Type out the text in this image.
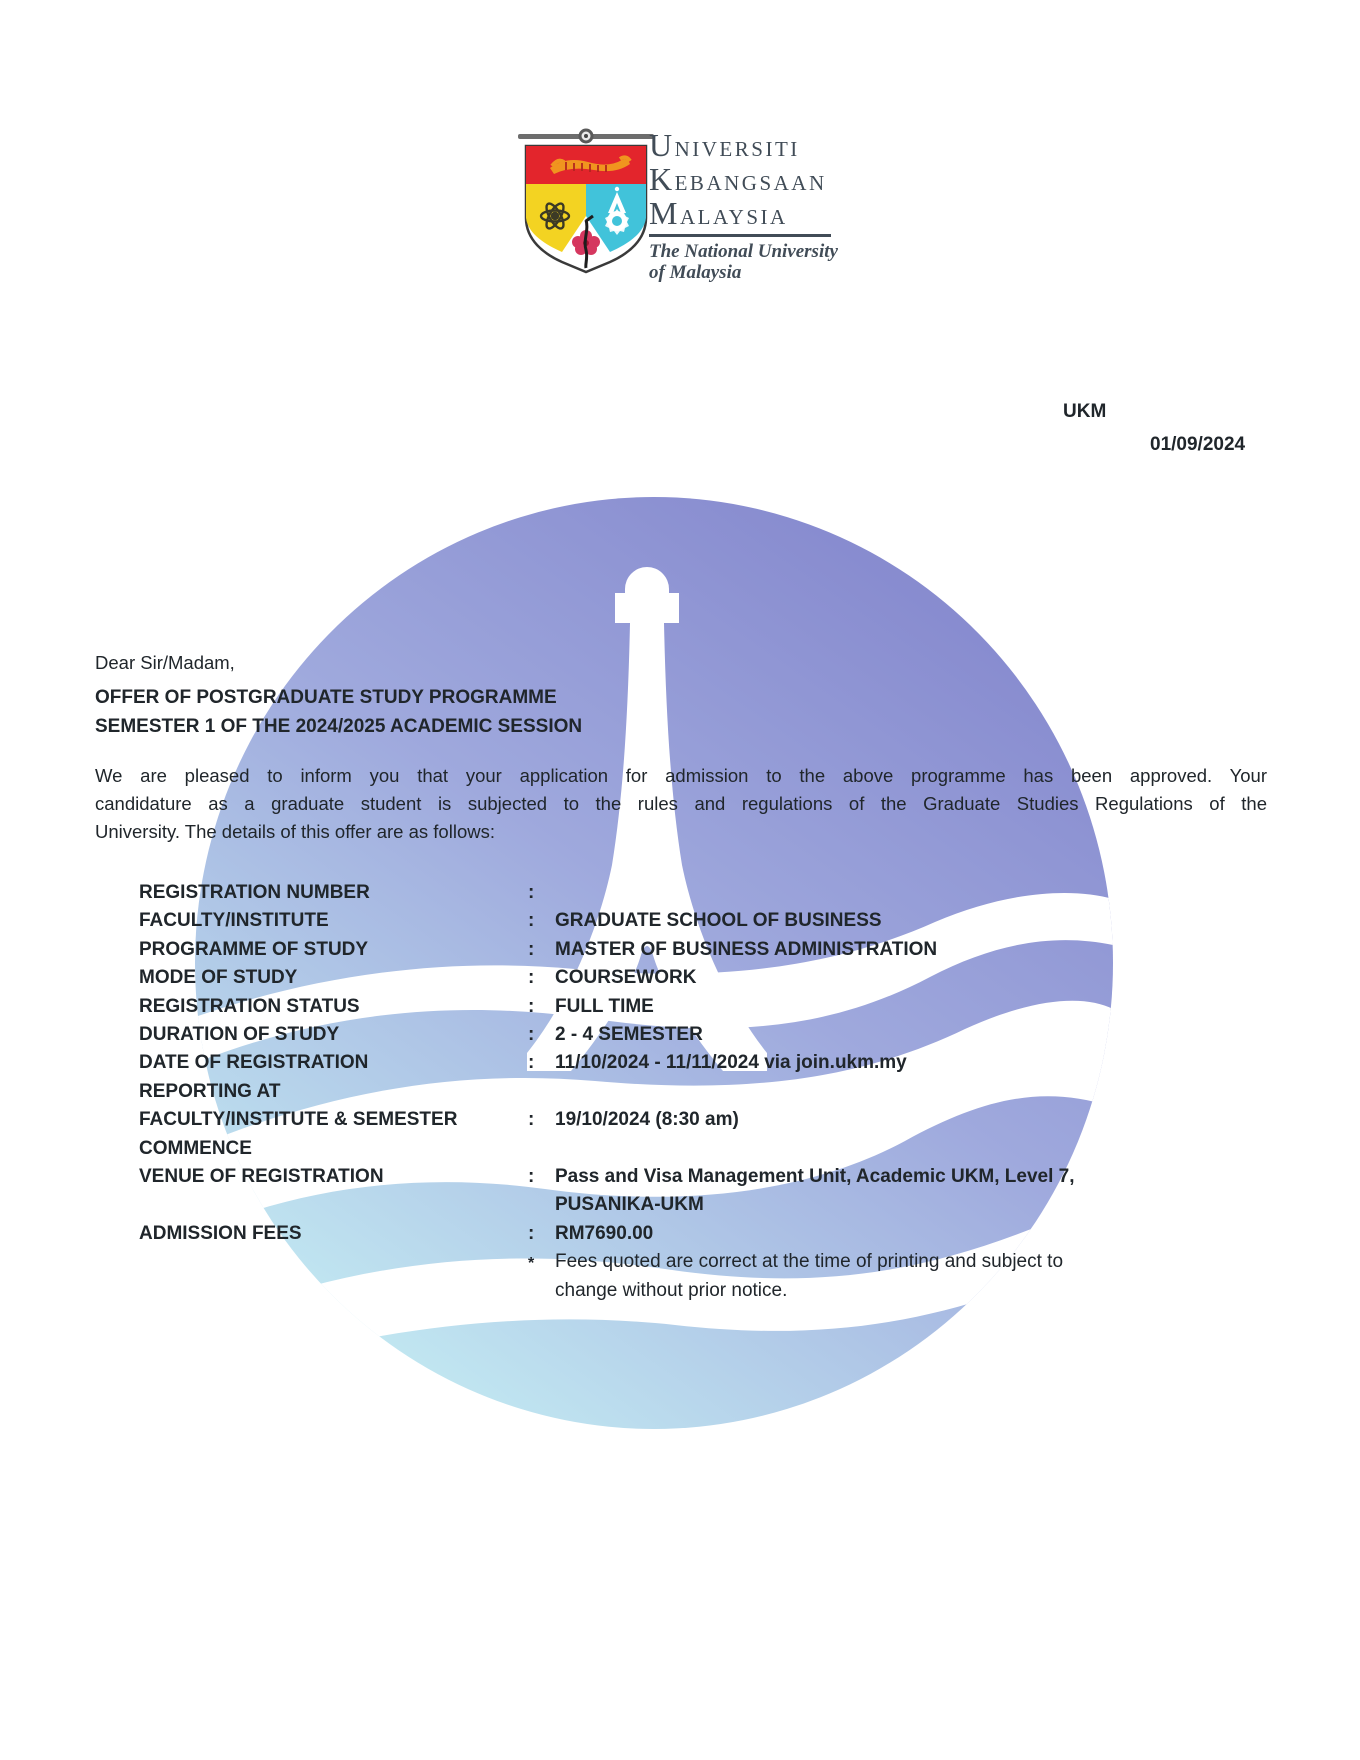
UNIVERSITI
KEBANGSAAN
MALAYSIA
The National University
of Malaysia
UKM
01/09/2024
Dear Sir/Madam,
OFFER OF POSTGRADUATE STUDY PROGRAMME
SEMESTER 1 OF THE 2024/2025 ACADEMIC SESSION
We are pleased to inform you that your application for admission to the above programme has been approved. Your
candidature as a graduate student is subjected to the rules and regulations of the Graduate Studies Regulations of the
University. The details of this offer are as follows:
REGISTRATION NUMBER	:
FACULTY/INSTITUTE	:	GRADUATE SCHOOL OF BUSINESS
PROGRAMME OF STUDY	:	MASTER OF BUSINESS ADMINISTRATION
MODE OF STUDY	:	COURSEWORK
REGISTRATION STATUS	:	FULL TIME
DURATION OF STUDY	:	2 - 4 SEMESTER
DATE OF REGISTRATION	:	11/10/2024 - 11/11/2024 via join.ukm.my
REPORTING AT
FACULTY/INSTITUTE & SEMESTER
COMMENCE
:	19/10/2024 (8:30 am)
VENUE OF REGISTRATION	:	Pass and Visa Management Unit, Academic UKM, Level 7,
PUSANIKA-UKM
ADMISSION FEES	:	RM7690.00
*	Fees quoted are correct at the time of printing and subject to
change without prior notice.
